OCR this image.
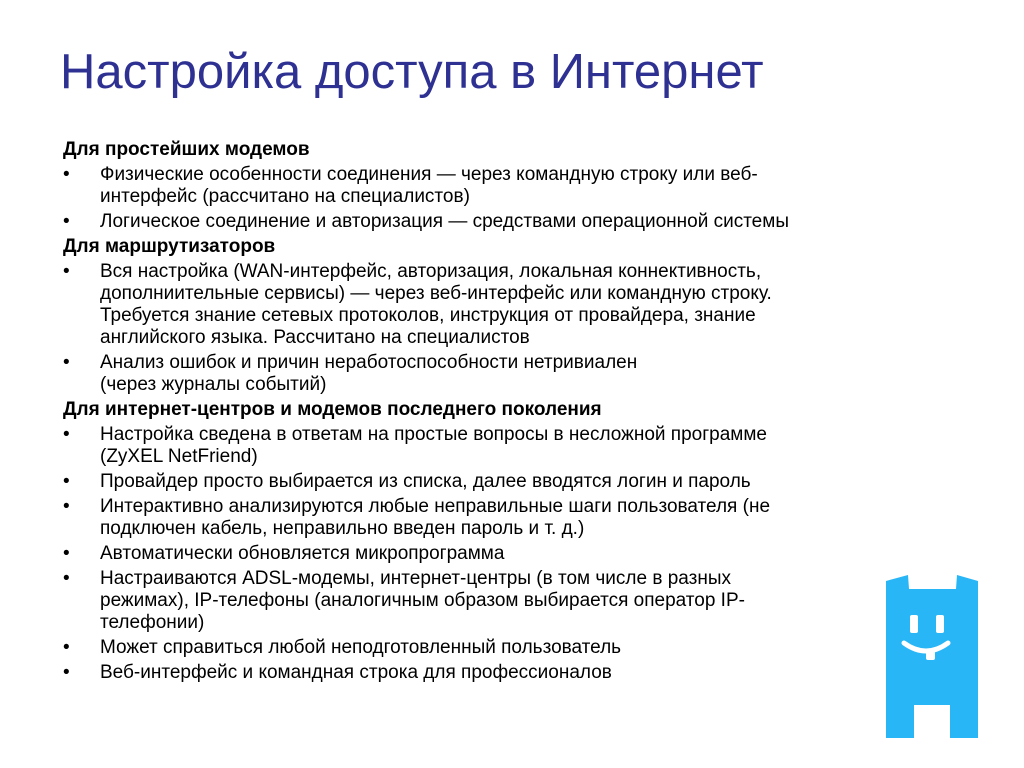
Настройка доступа в Интернет
Для простейших модемов
• Физические особенности соединения — через командную строку или веб-
интерфейс (рассчитано на специалистов)
• Логическое соединение и авторизация — средствами операционной системы
Для маршрутизаторов
• Вся настройка (WAN-интерфейс, авторизация, локальная коннективность,
дополниительные сервисы) — через веб-интерфейс или командную строку.
Требуется знание сетевых протоколов, инструкция от провайдера, знание
английского языка. Рассчитано на специалистов
• Анализ ошибок и причин неработоспособности нетривиален
(через журналы событий)
Для интернет-центров и модемов последнего поколения
• Настройка сведена в ответам на простые вопросы в несложной программе
(ZyXEL NetFriend)
• Провайдер просто выбирается из списка, далее вводятся логин и пароль
• Интерактивно анализируются любые неправильные шаги пользователя (не
подключен кабель, неправильно введен пароль и т. д.)
• Автоматически обновляется микропрограмма
• Настраиваются ADSL-модемы, интернет-центры (в том числе в разных
режимах), IP-телефоны (аналогичным образом выбирается оператор IP-
телефонии)
• Может справиться любой неподготовленный пользователь
• Веб-интерфейс и командная строка для профессионалов
